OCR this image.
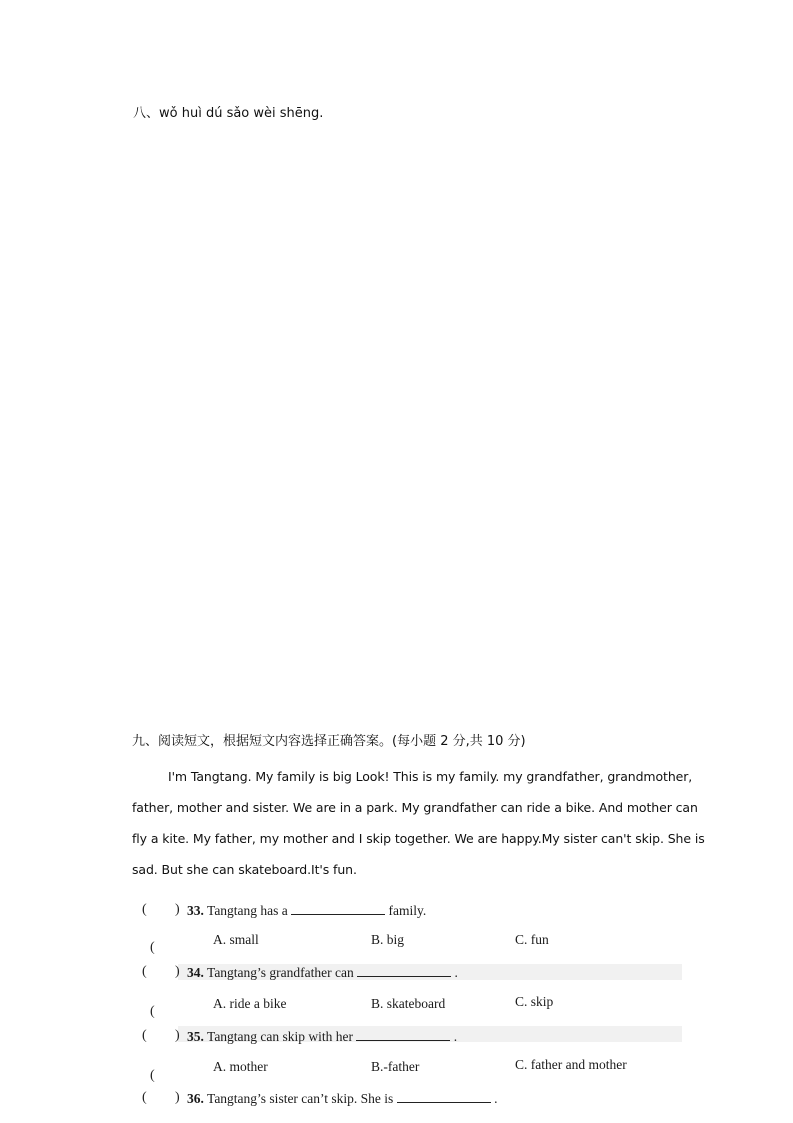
八、wǒ huì dú sǎo wèi shēng.
九、阅读短文，根据短文内容选择正确答案。(每小题 2 分,共 10 分)
I'm Tangtang. My family is big Look! This is my family. my grandfather, grandmother,
father, mother and sister. We are in a park. My grandfather can ride a bike. And mother can
fly a kite. My father, my mother and I skip together. We are happy.My sister can't skip. She is
sad. But she can skateboard.It's fun.
( ) 33. Tangtang has a	family.
A. small	B. big	C. fun
(
( ) 34. Tangtang’s grandfather can	.
A. ride a bike	B. skateboard	C. skip
(
( ) 35. Tangtang can skip with her	.
A. mother	B.-father	C. father and mother
(
( ) 36. Tangtang’s sister can’t skip. She is	.
